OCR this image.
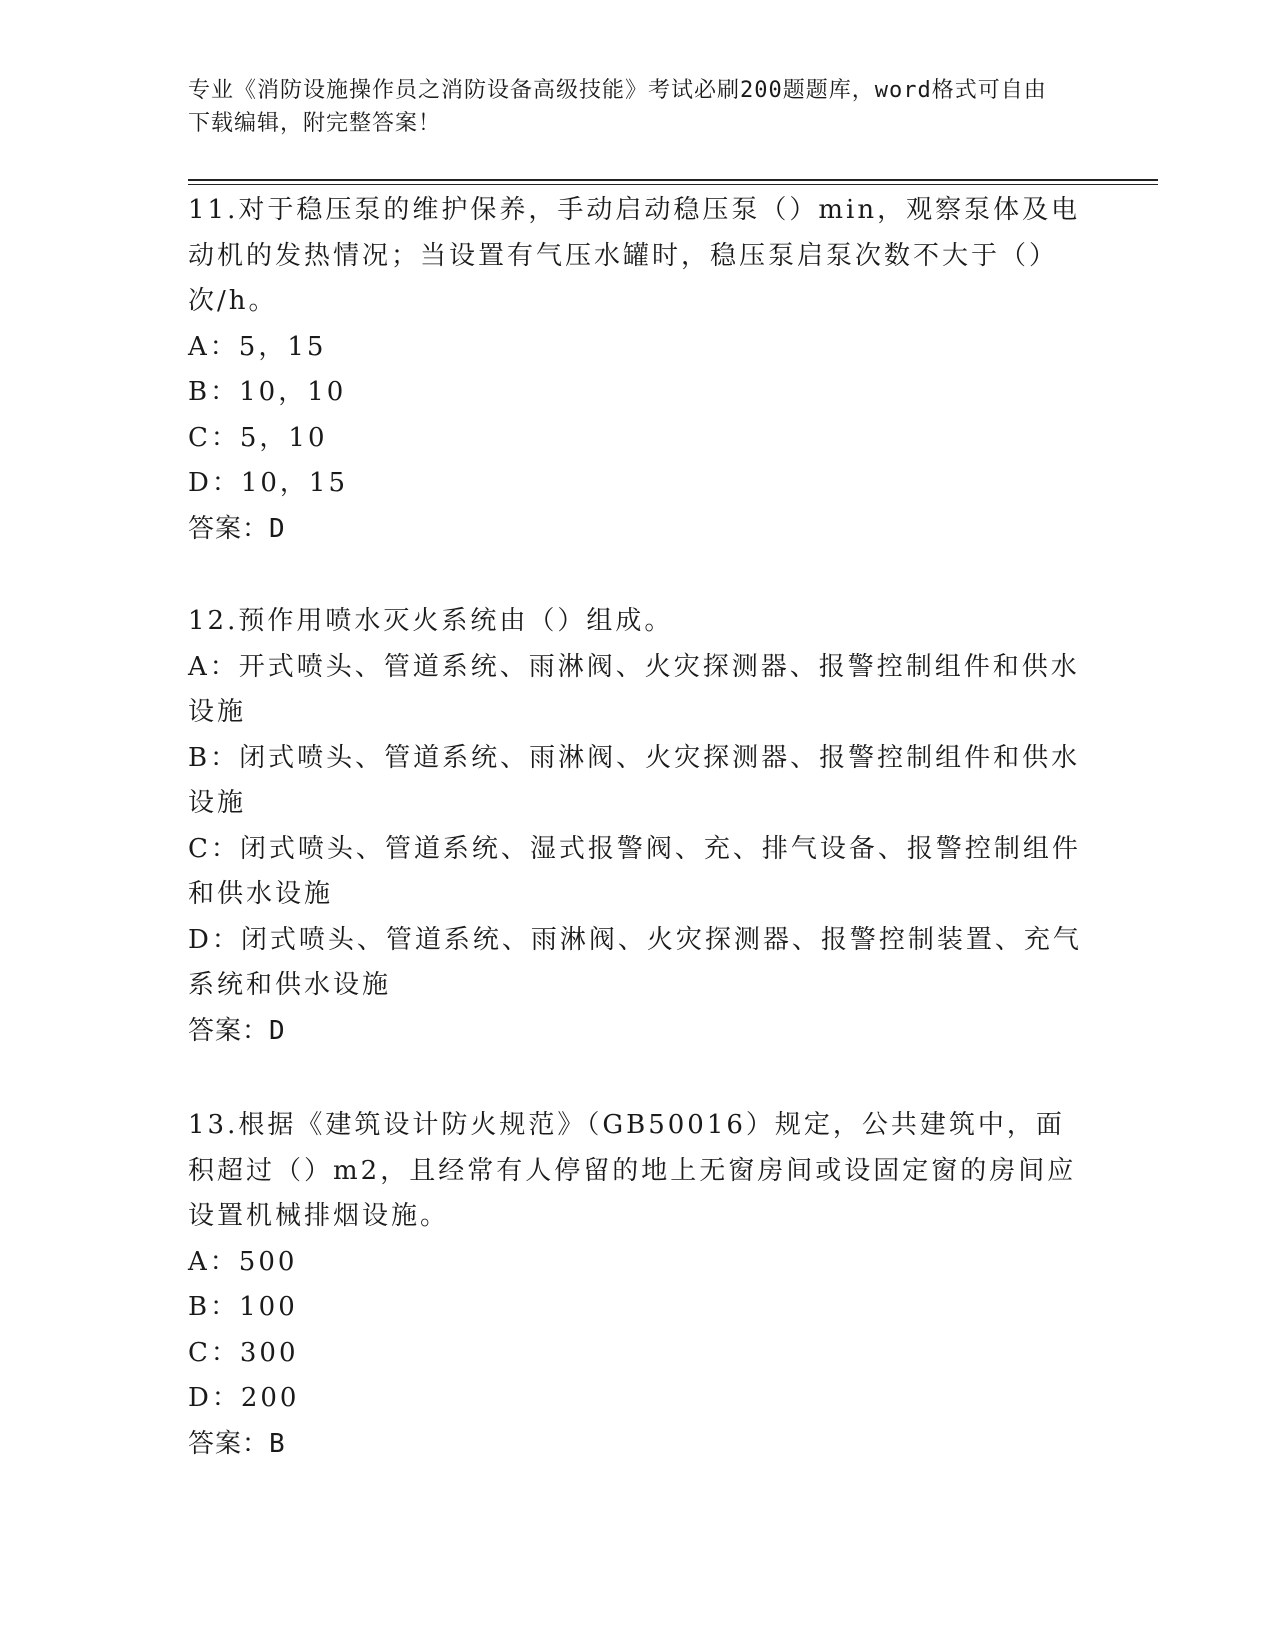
专业《消防设施操作员之消防设备高级技能》考试必刷200题题库，word格式可自由下载编辑，附完整答案！

11.对于稳压泵的维护保养，手动启动稳压泵（）min，观察泵体及电动机的发热情况；当设置有气压水罐时，稳压泵启泵次数不大于（）次/h。

A：5，15

B：10，10

C：5，10

D：10，15

答案：D

12.预作用喷水灭火系统由（）组成。

A：开式喷头、管道系统、雨淋阀、火灾探测器、报警控制组件和供水设施

B：闭式喷头、管道系统、雨淋阀、火灾探测器、报警控制组件和供水设施

C：闭式喷头、管道系统、湿式报警阀、充、排气设备、报警控制组件和供水设施

D：闭式喷头、管道系统、雨淋阀、火灾探测器、报警控制装置、充气系统和供水设施

答案：D

13.根据《建筑设计防火规范》（GB50016）规定，公共建筑中，面积超过（）m2，且经常有人停留的地上无窗房间或设固定窗的房间应设置机械排烟设施。

A：500

B：100

C：300

D：200

答案：B
